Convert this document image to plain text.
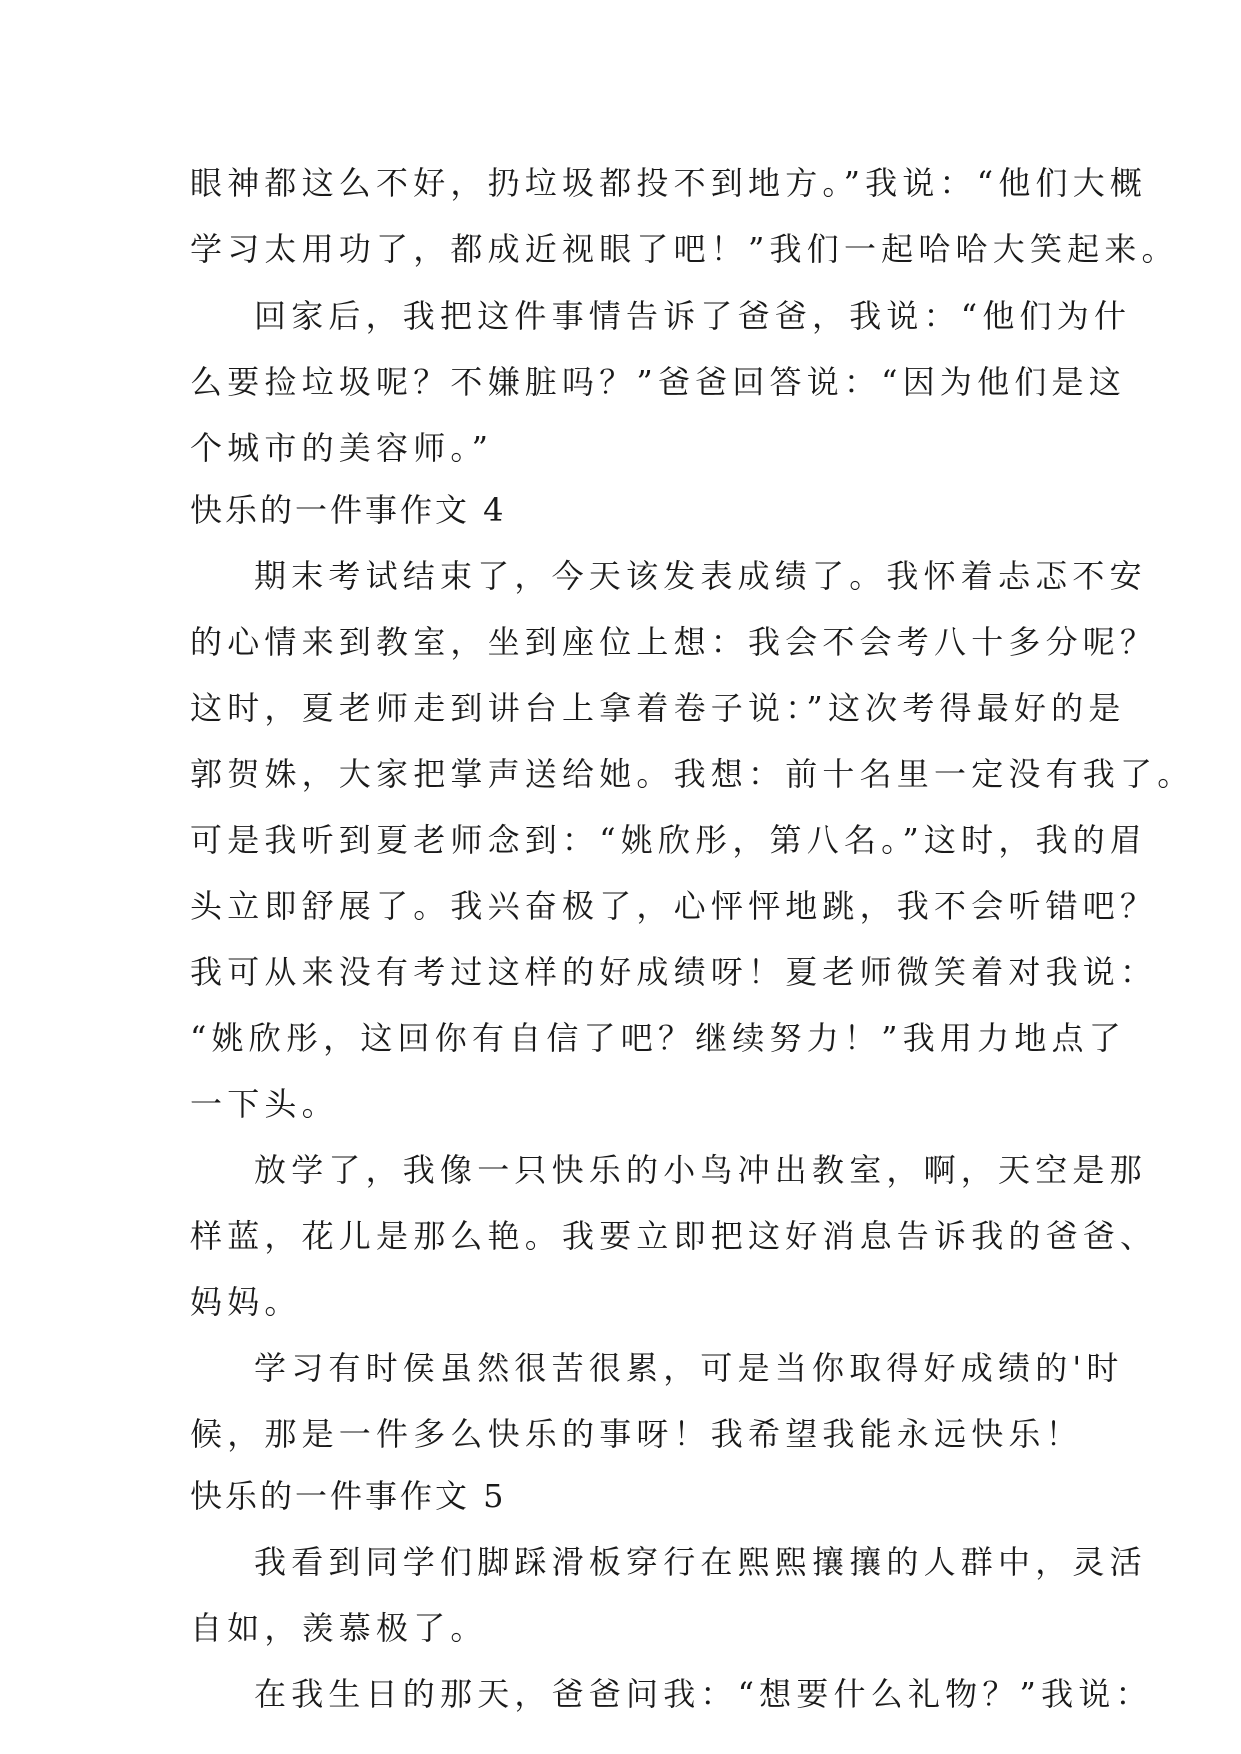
眼神都这么不好，扔垃圾都投不到地方。”我说：“他们大概
学习太用功了，都成近视眼了吧！”我们一起哈哈大笑起来。
回家后，我把这件事情告诉了爸爸，我说：“他们为什
么要捡垃圾呢？不嫌脏吗？”爸爸回答说：“因为他们是这
个城市的美容师。”
快乐的一件事作文 4
期末考试结束了，今天该发表成绩了。我怀着忐忑不安
的心情来到教室，坐到座位上想：我会不会考八十多分呢？
这时，夏老师走到讲台上拿着卷子说：”这次考得最好的是
郭贺姝，大家把掌声送给她。我想：前十名里一定没有我了。
可是我听到夏老师念到：“姚欣彤，第八名。”这时，我的眉
头立即舒展了。我兴奋极了，心怦怦地跳，我不会听错吧？
我可从来没有考过这样的好成绩呀！夏老师微笑着对我说：
“姚欣彤，这回你有自信了吧？继续努力！”我用力地点了
一下头。
放学了，我像一只快乐的小鸟冲出教室，啊，天空是那
样蓝，花儿是那么艳。我要立即把这好消息告诉我的爸爸、
妈妈。
学习有时侯虽然很苦很累，可是当你取得好成绩的'时
候，那是一件多么快乐的事呀！我希望我能永远快乐！
快乐的一件事作文 5
我看到同学们脚踩滑板穿行在熙熙攘攘的人群中，灵活
自如，羡慕极了。
在我生日的那天，爸爸问我：“想要什么礼物？”我说：
